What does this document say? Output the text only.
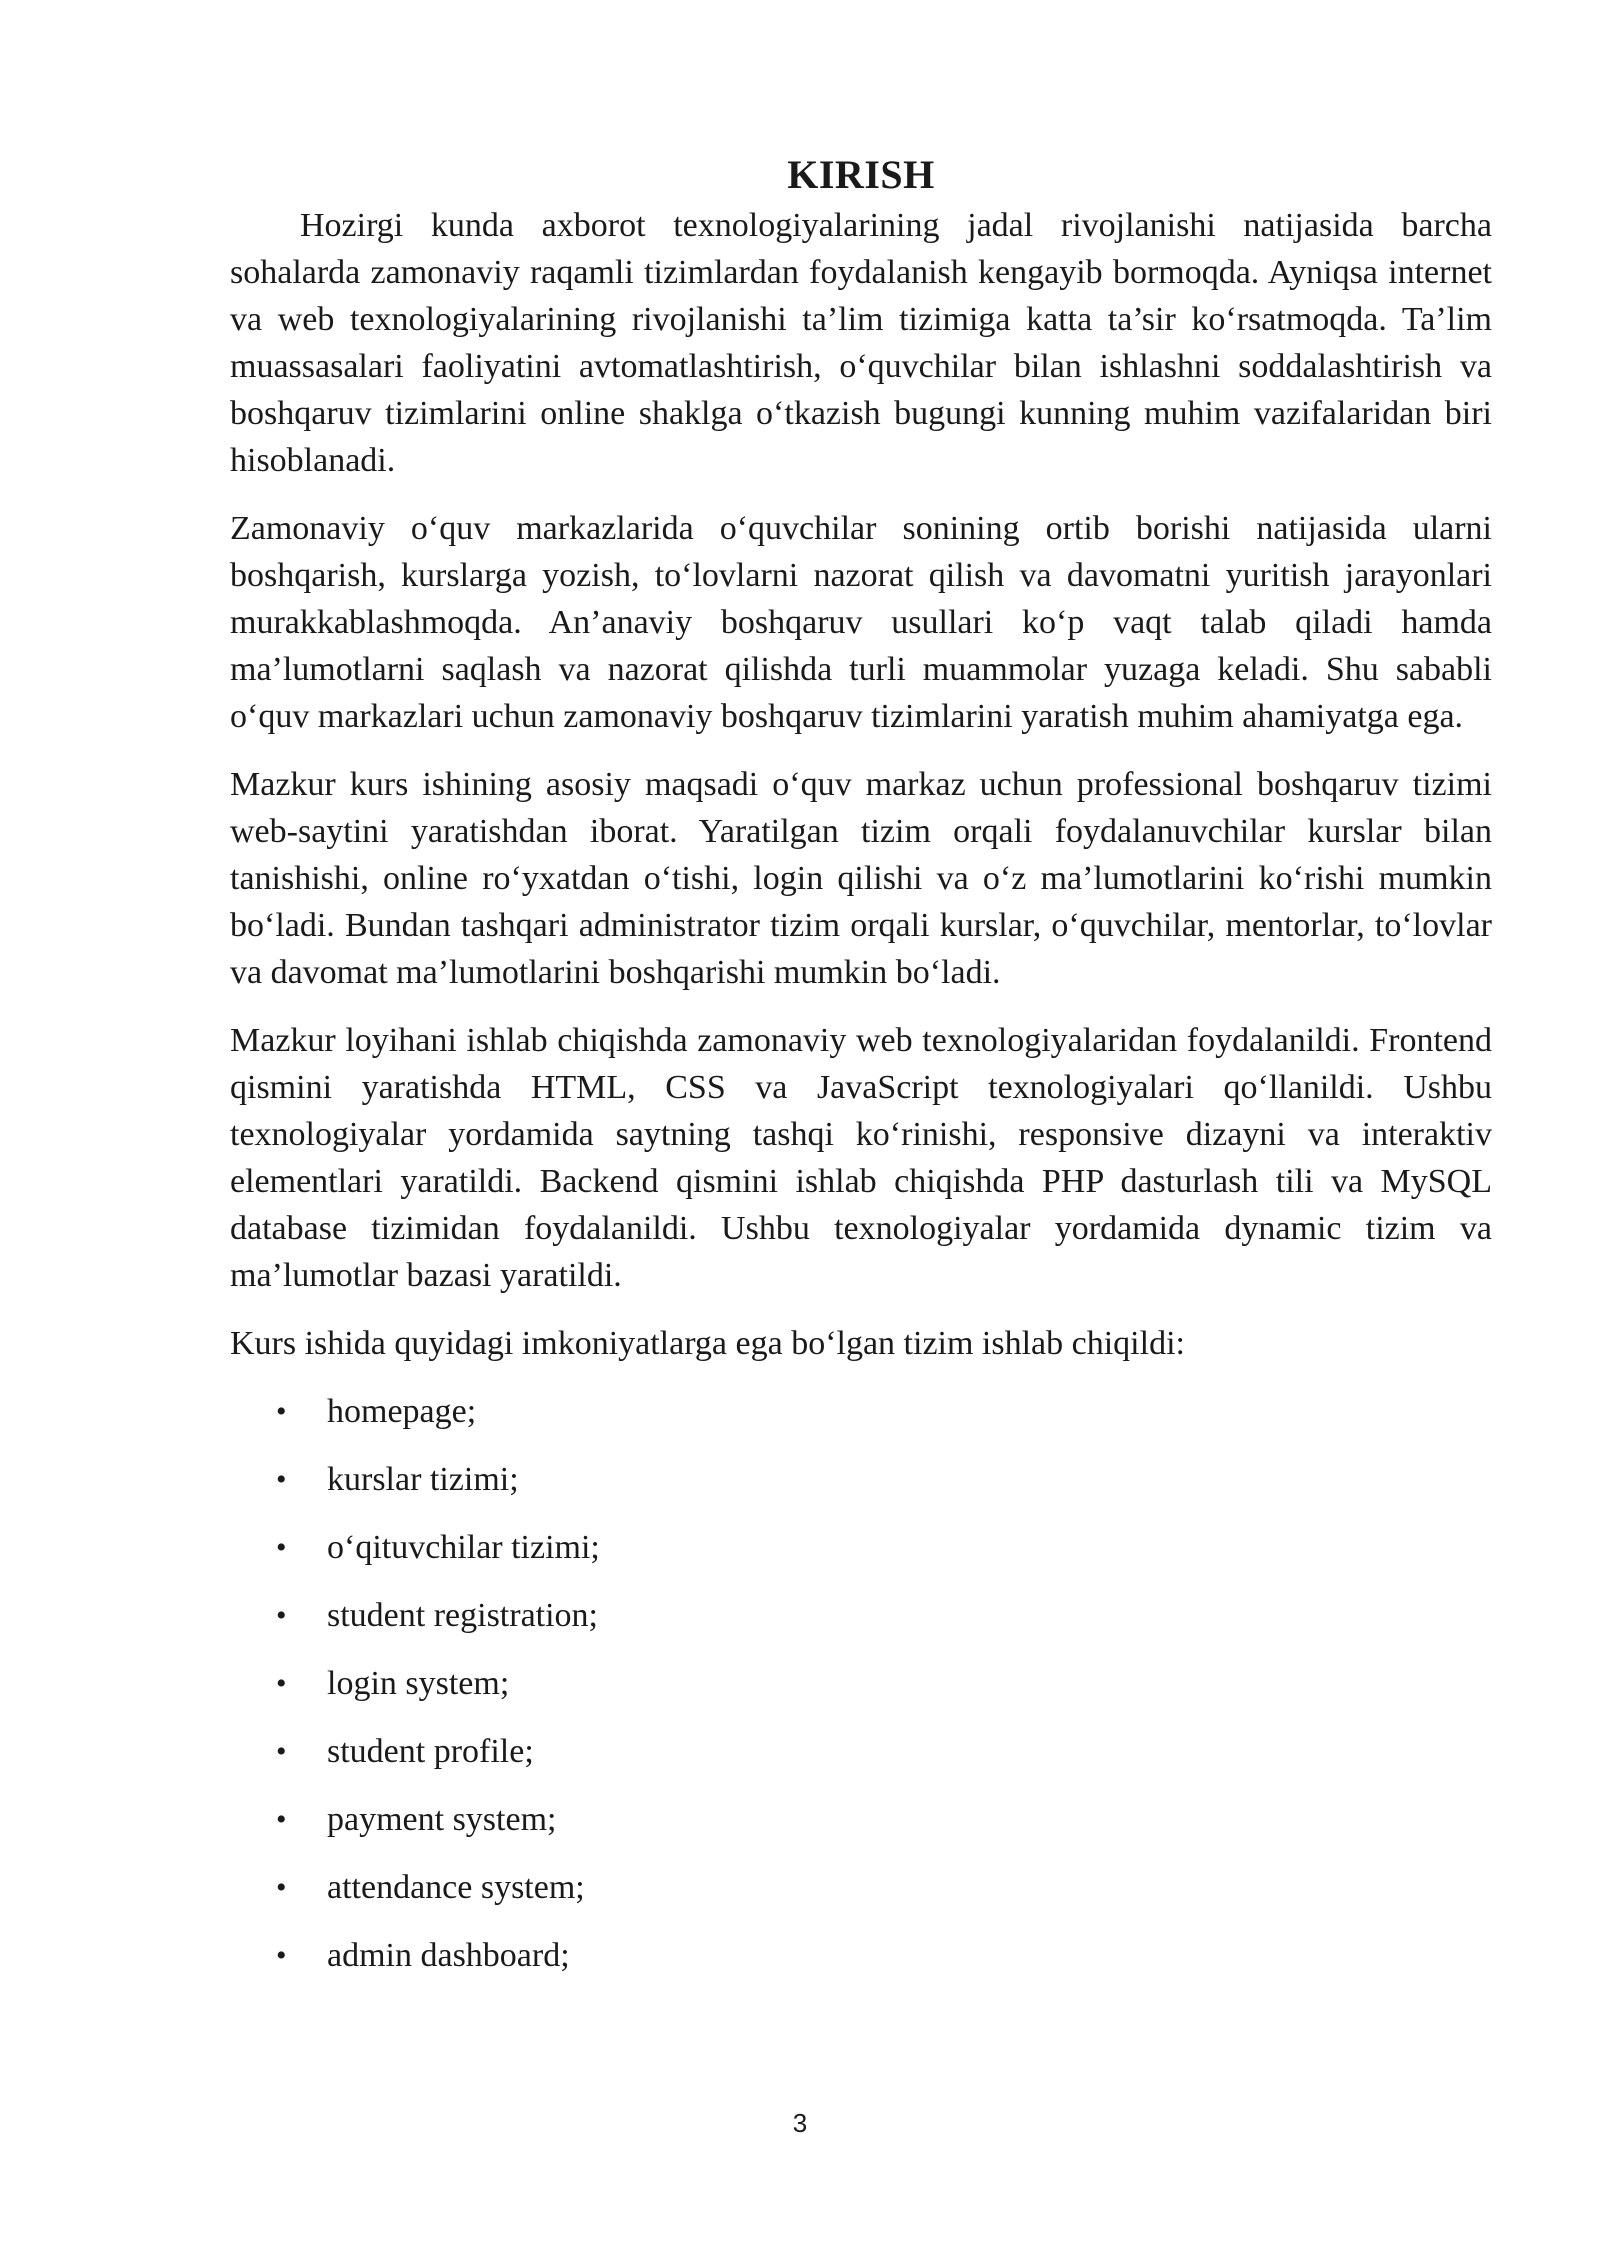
KIRISH

Hozirgi kunda axborot texnologiyalarining jadal rivojlanishi natijasida barcha sohalarda zamonaviy raqamli tizimlardan foydalanish kengayib bormoqda. Ayniqsa internet va web texnologiyalarining rivojlanishi ta’lim tizimiga katta ta’sir ko‘rsatmoqda. Ta’lim muassasalari faoliyatini avtomatlashtirish, o‘quvchilar bilan ishlashni soddalashtirish va boshqaruv tizimlarini online shaklga o‘tkazish bugungi kunning muhim vazifalaridan biri hisoblanadi.

Zamonaviy o‘quv markazlarida o‘quvchilar sonining ortib borishi natijasida ularni boshqarish, kurslarga yozish, to‘lovlarni nazorat qilish va davomatni yuritish jarayonlari murakkablashmoqda. An’anaviy boshqaruv usullari ko‘p vaqt talab qiladi hamda ma’lumotlarni saqlash va nazorat qilishda turli muammolar yuzaga keladi. Shu sababli o‘quv markazlari uchun zamonaviy boshqaruv tizimlarini yaratish muhim ahamiyatga ega.

Mazkur kurs ishining asosiy maqsadi o‘quv markaz uchun professional boshqaruv tizimi web-saytini yaratishdan iborat. Yaratilgan tizim orqali foydalanuvchilar kurslar bilan tanishishi, online ro‘yxatdan o‘tishi, login qilishi va o‘z ma’lumotlarini ko‘rishi mumkin bo‘ladi. Bundan tashqari administrator tizim orqali kurslar, o‘quvchilar, mentorlar, to‘lovlar va davomat ma’lumotlarini boshqarishi mumkin bo‘ladi.

Mazkur loyihani ishlab chiqishda zamonaviy web texnologiyalaridan foydalanildi. Frontend qismini yaratishda HTML, CSS va JavaScript texnologiyalari qo‘llanildi. Ushbu texnologiyalar yordamida saytning tashqi ko‘rinishi, responsive dizayni va interaktiv elementlari yaratildi. Backend qismini ishlab chiqishda PHP dasturlash tili va MySQL database tizimidan foydalanildi. Ushbu texnologiyalar yordamida dynamic tizim va ma’lumotlar bazasi yaratildi.

Kurs ishida quyidagi imkoniyatlarga ega bo‘lgan tizim ishlab chiqildi:

• homepage;
• kurslar tizimi;
• o‘qituvchilar tizimi;
• student registration;
• login system;
• student profile;
• payment system;
• attendance system;
• admin dashboard;
3
